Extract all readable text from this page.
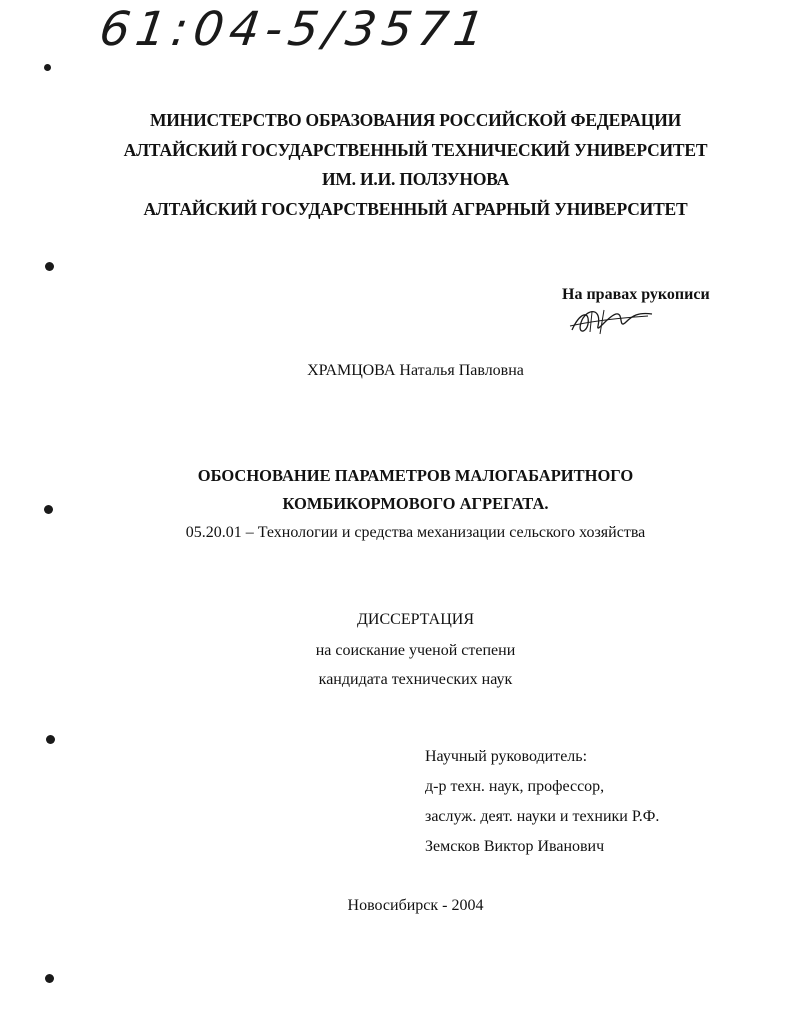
61:04-5/3571
МИНИСТЕРСТВО ОБРАЗОВАНИЯ РОССИЙСКОЙ ФЕДЕРАЦИИ
АЛТАЙСКИЙ ГОСУДАРСТВЕННЫЙ ТЕХНИЧЕСКИЙ УНИВЕРСИТЕТ
ИМ. И.И. ПОЛЗУНОВА
АЛТАЙСКИЙ ГОСУДАРСТВЕННЫЙ АГРАРНЫЙ УНИВЕРСИТЕТ
На правах рукописи
ХРАМЦОВА Наталья Павловна
ОБОСНОВАНИЕ ПАРАМЕТРОВ МАЛОГАБАРИТНОГО
КОМБИКОРМОВОГО АГРЕГАТА.
05.20.01 – Технологии и средства механизации сельского хозяйства
ДИССЕРТАЦИЯ
на соискание ученой степени
кандидата технических наук
Научный руководитель:
д-р техн. наук, профессор,
заслуж. деят. науки и техники Р.Ф.
Земсков Виктор Иванович
Новосибирск - 2004
